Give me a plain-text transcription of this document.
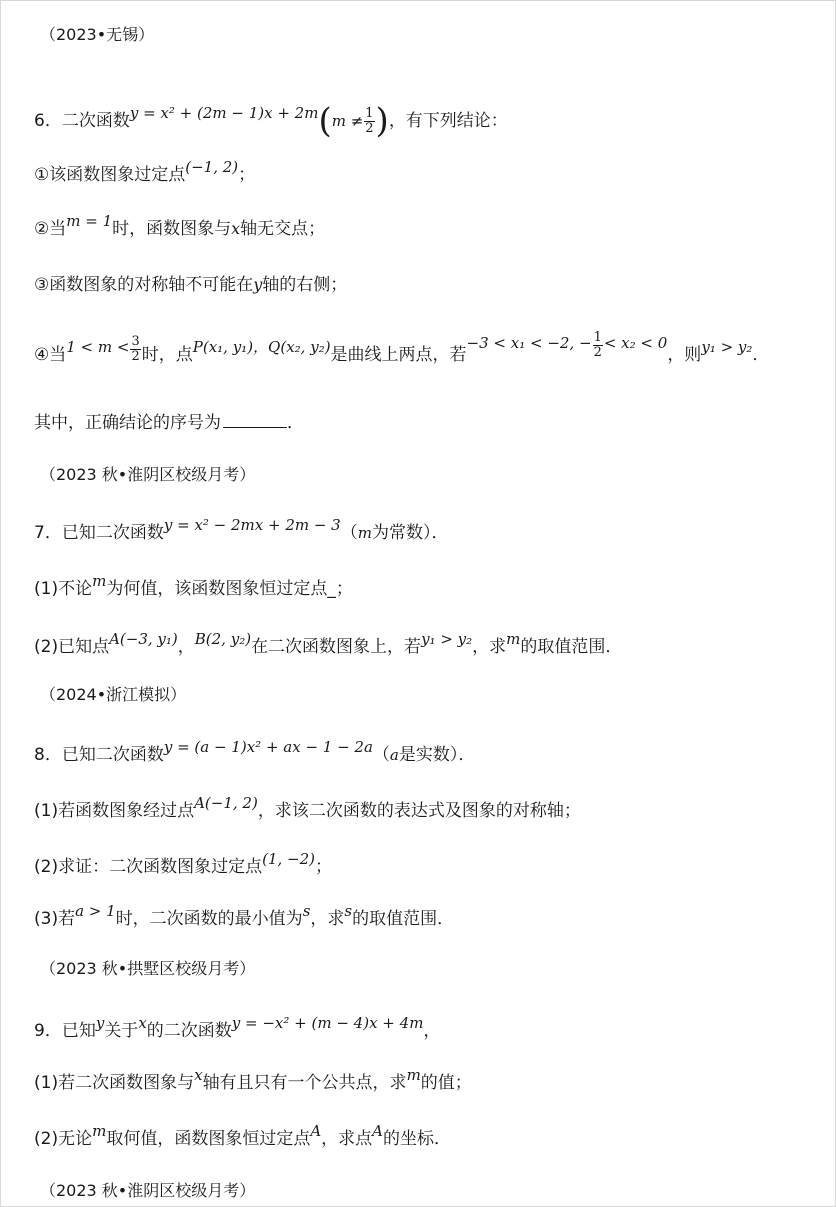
（2023•无锡）
6．二次函数$y = x^2 + (2m - 1)x + 2m(m \ne \frac{1}{2}$ )，有下列结论：
①该函数图象过定点(−1, 2)；
②当m = 1时，函数图象与x轴无交点；
③函数图象的对称轴不可能在y轴的右侧；
④当$1 < m < \frac{3}{2}$ 时，点P(x₁, y₁)，Q(x₂, y₂)是曲线上两点，若−3 < x₁ < −2, − $\frac{1}{2} < x_2 < 0$，则y₁ > y₂．
其中，正确结论的序号为	．
（2023 秋•淮阴区校级月考）
7．已知二次函数y = x² − 2mx + 2m − 3（m为常数）．
(1)不论m为何值，该函数图象恒过定点_；
(2)已知点A(−3, y₁)，B(2, y₂)在二次函数图象上，若y₁ > y₂，求m的取值范围．
（2024•浙江模拟）
8．已知二次函数y = (a − 1)x² + ax − 1 − 2a（a是实数）．
(1)若函数图象经过点A(−1, 2)，求该二次函数的表达式及图象的对称轴；
(2)求证：二次函数图象过定点(1, −2)；
(3)若a > 1时，二次函数的最小值为s，求s的取值范围．
（2023 秋•拱墅区校级月考）
9．已知y关于x的二次函数y = −x² + (m − 4)x + 4m，
(1)若二次函数图象与x轴有且只有一个公共点，求m的值；
(2)无论m取何值，函数图象恒过定点A，求点A的坐标．
（2023 秋•淮阴区校级月考）
